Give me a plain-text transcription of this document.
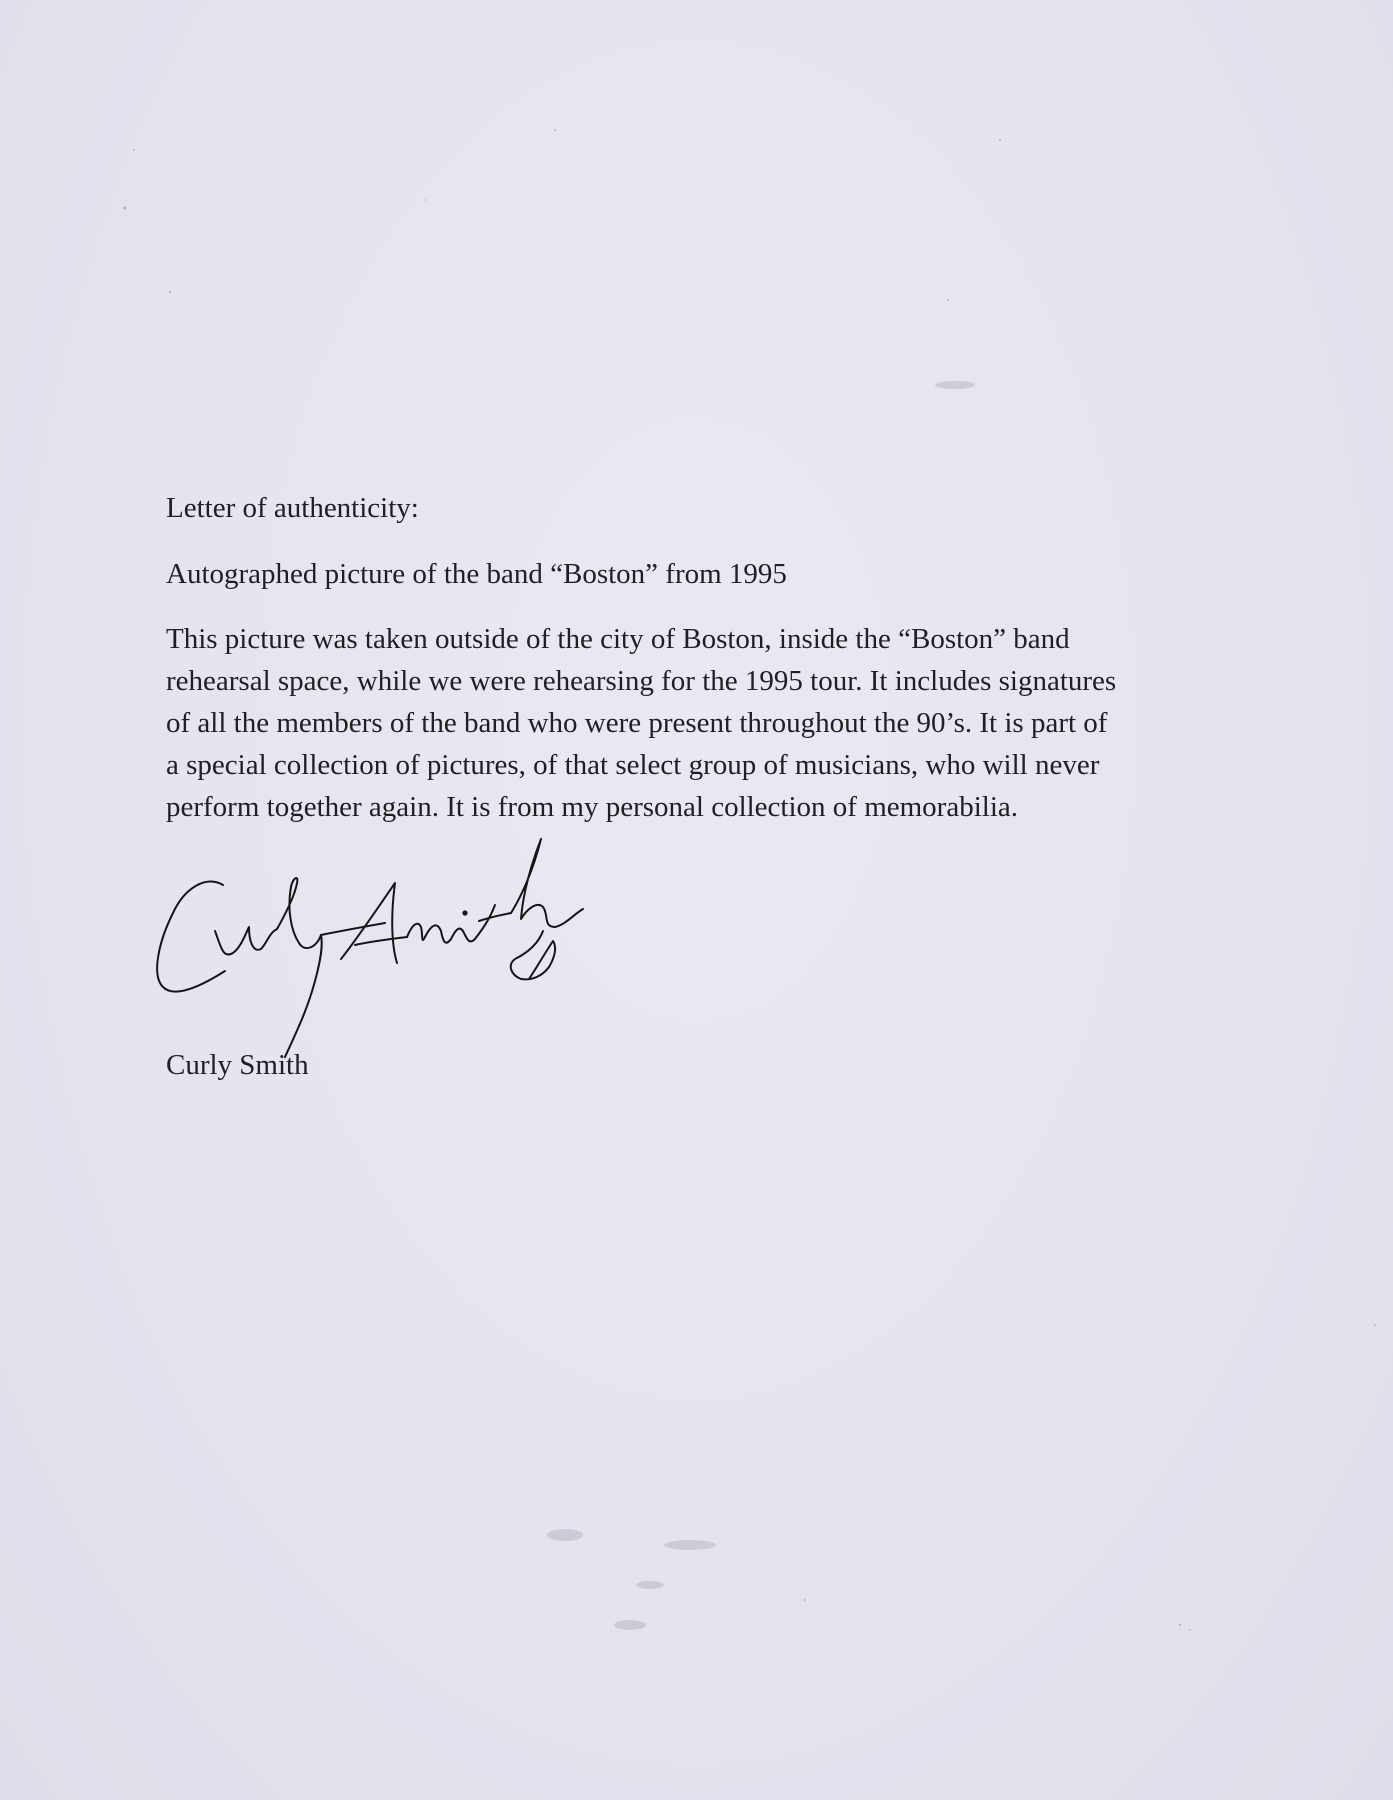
Letter of authenticity:

Autographed picture of the band “Boston” from 1995

This picture was taken outside of the city of Boston, inside the “Boston” band
rehearsal space, while we were rehearsing for the 1995 tour. It includes signatures
of all the members of the band who were present throughout the 90’s. It is part of
a special collection of pictures, of that select group of musicians, who will never
perform together again. It is from my personal collection of memorabilia.

Curly Smith
